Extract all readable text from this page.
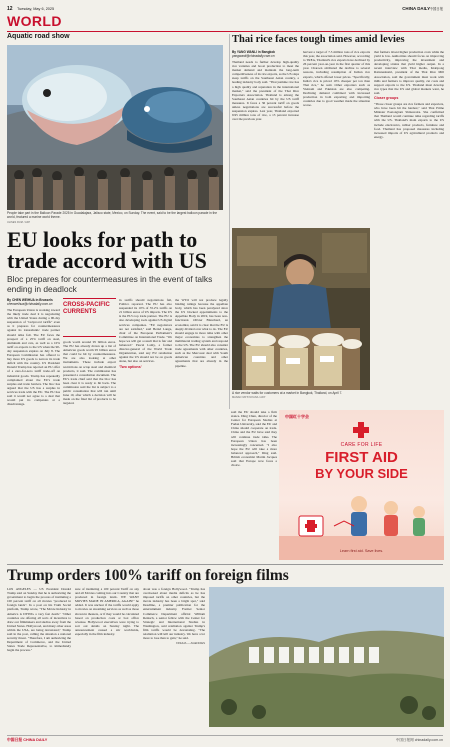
12 Tuesday, May 6, 2025	CHINA DAILY 中国日报
WORLD
Aquatic road show
People take part in the Balloon Parade 2025 in Guadalajara, Jalisco state, Mexico, on Sunday. The event, said to be the largest balloon parade in the world, featured a marine world theme.
ULISES RUIZ / AFP
EU looks for path to trade accord with US
Bloc prepares for countermeasures in the event of talks ending in deadlock
By CHEN WEIHUA in Brussels
chenweihua@chinadaily.com.cn

The European Union is working toward the likely trade deal it is negotiating with the United States during a 90-day suspension of "reciprocal tariffs" even as it prepares for countermeasures against its transatlantic trade partner should talks fail. The EU faces the prospect of a 25% tariff on steel, aluminum and cars, as well as a 10% tariff on exports to the US when the 90-day suspension expires on July 8. The European Commission has offered to buy more US goods to narrow its trade deficit with the country. US President Donald Trump has rejected an EU offer of a zero-for-zero tariff trade-off on industrial goods. Trump has repeatedly complained about the EU's trade surplus and trade barriers. The bloc has argued that the US has a surplus in services trade with the EU. The EU has said it would not agree to a deal that would put its companies at a disadvantage.

CROSS-PACIFIC CURRENTS

goods worth around 95 billion euros. The EU has already drawn up a list of American goods worth 95 billion euros that could be hit by countermeasures. We are also looking at other instruments. These include export restrictions on scrap steel and chemical products, it said. The commission has presented a consultation document. The EU's trade chief said that the bloc has been clear it is ready to hit back. The commission said the list is subject to a public consultation that will run until June 10, after which a decision will be made on the final list of products to be targeted.

in tariffs should negotiations fail, Politico reported. The EU has also suspended its 10% of 35.2% tariffs on 21 billion euros of US imports. The US is the EU's top trade partner. The EU is also developing tools against US digital services companies. "EU negotiators are not satisfied," said Bernd Lange, chair of the European Parliament's Committee on International Trade. "We hope we will get a result that is fair and balanced." Pascal Lamy, a former director-general of the World Trade Organization, said any EU retaliation against the US should not be on goods alone, but also on services.

'Two options'

the WTO will not produce legally binding rulings because the appellate body, which has been paralyzed since the US blocked appointments to the Appellate Body in 2019, has been non-functional. Olivier Blanchard, an economist, said it is clear that the EU is deeply divided over what to do. The EU should engage in more talks with other major economies to strengthen the multilateral trading system and respond to the US. The EU should also consider trade agreements with other countries, such as the Mercosur deal with South American countries and other agreements that are already in the pipeline.

said the EU should take a firm stance. Ding Chun, director of the Center for European Studies at Fudan University, said the EU and China should cooperate on trade. China and the EU have said they will continue trade talks. The European Union has been increasingly concerned. "I also hope the EU will take a more balanced approach," Ding said. British economist Martin Jacques said that Europe now faces a choice.

Thai rice faces tough times amid levies
By YANG WANLI in Bangkok
yangwanli@chinadaily.com.cn

Thailand needs to further develop high-quality rice varieties and boost production to meet the market demand and maintain the long-term competitiveness of its rice exports, as the US slaps steep tariffs on the Southeast Asian country, a leading industry body said. "Thai jasmine rice has a high quality and reputation in the international market," said the president of the Thai Rice Exporters Association. Thailand is among the Southeast Asian countries hit by the US tariff measures. It faces a 36 percent tariff on goods unless negotiations are successful before the suspension expires. Last year, Thailand exported 9.95 million tons of rice, a 13 percent increase over the previous year.

harvest a target of 7.5 million tons of rice exports this year, the association said. However, according to TREA, Thailand's rice exports have declined by 26 percent year-on-year in the first quarter of this year. Charoen attributed the decline to several reasons, including resumption of Indian rice exports, which offered lower prices. "Specifically, India's rice is priced 10% cheaper per ton than Thai rice," he said. Other exporters such as Vietnam and Pakistan are also competing. Declining demand combined with increased production in both exporting and importing countries due to good weather made the situation worse.

that farmers invest higher production costs while the yield is low. Authorities should focus on improving productivity, improving the investment and developing strains that yield higher output. In a recent interview with Thai media, Kiatipong Rattanasinsiri, president of the Thai Rice Mill Association, said the government must work with mills and farmers to improve quality, cut costs and support exports to the US. Thailand must develop rice types that the US and global markets want, he said.

Closer groups

"Those closer groups are rice farmers and exporters, who have been hit the hardest," said Thai Prime Minister Paetongtarn Shinawatra. She confirmed that Thailand would continue talks regarding tariffs with the US. Thailand's main exports to the US include electronics, rubber products, furniture and food. Thailand has proposed measures including increased imports of US agricultural products and energy.

A rice vendor waits for customers at a market in Bangkok, Thailand, on April 7.
MANAN VATSYAYANA / AFP
中国红十字会
CARE FOR LIFE
FIRST AID
BY YOUR SIDE
Learn first aid. Save lives.
Trump orders 100% tariff on foreign films

LOS ANGELES — US President Donald Trump said on Sunday that he is authorizing the government to begin the process of instituting a 100 percent tariff on all movies "produced in foreign lands". In a post on his Truth Social platform, Trump wrote, "The Movie Industry in America is DYING a very fast death." "Other countries are offering all sorts of incentives to draw our filmmakers and studios away from the United States. Hollywood, and many other areas within the USA, are being devastated," Trump said in the post, calling the situation a national security threat. "Therefore, I am authorizing the Department of Commerce, and the United States Trade Representative, to immediately begin the process."

sure of instituting a 100 percent Tariff on any and all Movies coming into our Country that are produced in foreign lands. WE WANT MOVIES MADE IN AMERICA, AGAIN!" he added. It was unclear if the tariffs would apply to movies on streaming services as well as those shown in theaters, or if they would be calculated based on production costs or box office revenue. Hollywood executives were trying to sort out details on Sunday night. The announcement caused a stir worldwide, especially in the film industry.

about was a foreign Hollywood. "Trump has overlooked about media deficits as he has imposed tariffs on other countries, but the movie industry has been a bright spot," said Deadline, a premier publication for the entertainment industry. Former Senior Commerce Department official William Reinsch, a senior fellow with the Center for Strategic and International Studies in Washington, said retaliation against Trump's film tariffs would be devastating. "The retaliation will kill our industry. We have a lot more to lose than to gain," he said.

XINHUA — AGENCIES
中国日报 CHINA DAILY	中国日报网 chinadaily.com.cn
